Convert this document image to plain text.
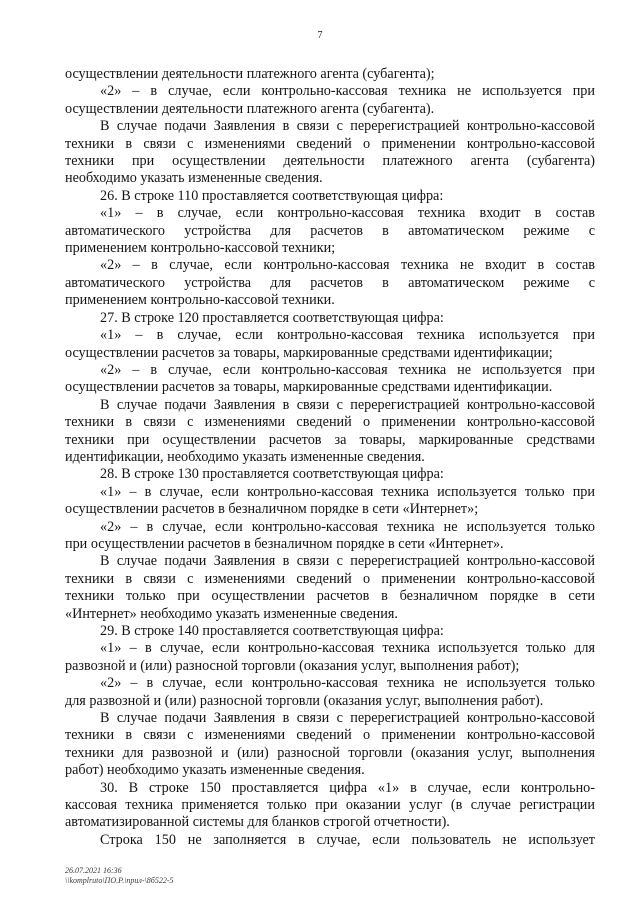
7

осуществлении деятельности платежного агента (субагента);

«2» – в случае, если контрольно-кассовая техника не используется при

осуществлении деятельности платежного агента (субагента).

В случае подачи Заявления в связи с перерегистрацией контрольно-кассовой

техники в связи с изменениями сведений о применении контрольно-кассовой

техники при осуществлении деятельности платежного агента (субагента)

необходимо указать измененные сведения.

26. В строке 110 проставляется соответствующая цифра:

«1» – в случае, если контрольно-кассовая техника входит в состав

автоматического устройства для расчетов в автоматическом режиме с

применением контрольно-кассовой техники;

«2» – в случае, если контрольно-кассовая техника не входит в состав

автоматического устройства для расчетов в автоматическом режиме с

применением контрольно-кассовой техники.

27. В строке 120 проставляется соответствующая цифра:

«1» – в случае, если контрольно-кассовая техника используется при

осуществлении расчетов за товары, маркированные средствами идентификации;

«2» – в случае, если контрольно-кассовая техника не используется при

осуществлении расчетов за товары, маркированные средствами идентификации.

В случае подачи Заявления в связи с перерегистрацией контрольно-кассовой

техники в связи с изменениями сведений о применении контрольно-кассовой

техники при осуществлении расчетов за товары, маркированные средствами

идентификации, необходимо указать измененные сведения.

28. В строке 130 проставляется соответствующая цифра:

«1» – в случае, если контрольно-кассовая техника используется только при

осуществлении расчетов в безналичном порядке в сети «Интернет»;

«2» – в случае, если контрольно-кассовая техника не используется только

при осуществлении расчетов в безналичном порядке в сети «Интернет».

В случае подачи Заявления в связи с перерегистрацией контрольно-кассовой

техники в связи с изменениями сведений о применении контрольно-кассовой

техники только при осуществлении расчетов в безналичном порядке в сети

«Интернет» необходимо указать измененные сведения.

29. В строке 140 проставляется соответствующая цифра:

«1» – в случае, если контрольно-кассовая техника используется только для

развозной и (или) разносной торговли (оказания услуг, выполнения работ);

«2» – в случае, если контрольно-кассовая техника не используется только

для развозной и (или) разносной торговли (оказания услуг, выполнения работ).

В случае подачи Заявления в связи с перерегистрацией контрольно-кассовой

техники в связи с изменениями сведений о применении контрольно-кассовой

техники для развозной и (или) разносной торговли (оказания услуг, выполнения

работ) необходимо указать измененные сведения.

30. В строке 150 проставляется цифра «1» в случае, если контрольно-

кассовая техника применяется только при оказании услуг (в случае регистрации

автоматизированной системы для бланков строгой отчетности).

Строка 150 не заполняется в случае, если пользователь не использует

26.07.2021 16:36
\\komplruto\ПО.Р.\прил-\8б522-5
